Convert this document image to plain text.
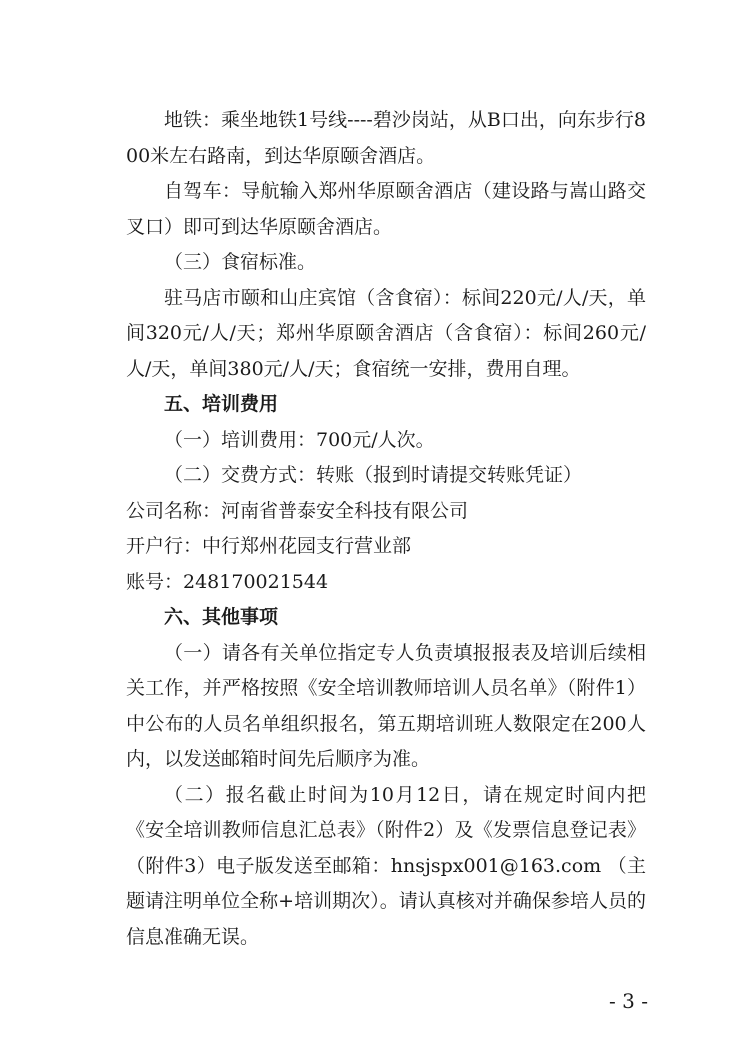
地铁：乘坐地铁1号线----碧沙岗站，从B口出，向东步行800米左右路南，到达华原颐舍酒店。

自驾车：导航输入郑州华原颐舍酒店（建设路与嵩山路交叉口）即可到达华原颐舍酒店。

（三）食宿标准。

驻马店市颐和山庄宾馆（含食宿）：标间220元/人/天，单间320元/人/天；郑州华原颐舍酒店（含食宿）：标间260元/人/天，单间380元/人/天；食宿统一安排，费用自理。

五、培训费用

（一）培训费用：700元/人次。

（二）交费方式：转账（报到时请提交转账凭证）

公司名称：河南省普泰安全科技有限公司

开户行：中行郑州花园支行营业部

账号：248170021544

六、其他事项

（一）请各有关单位指定专人负责填报报表及培训后续相关工作，并严格按照《安全培训教师培训人员名单》（附件1）中公布的人员名单组织报名，第五期培训班人数限定在200人内，以发送邮箱时间先后顺序为准。

（二）报名截止时间为10月12日，请在规定时间内把《安全培训教师信息汇总表》（附件2）及《发票信息登记表》（附件3）电子版发送至邮箱：hnsjspx001@163.com （主题请注明单位全称+培训期次）。请认真核对并确保参培人员的信息准确无误。

- 3 -
